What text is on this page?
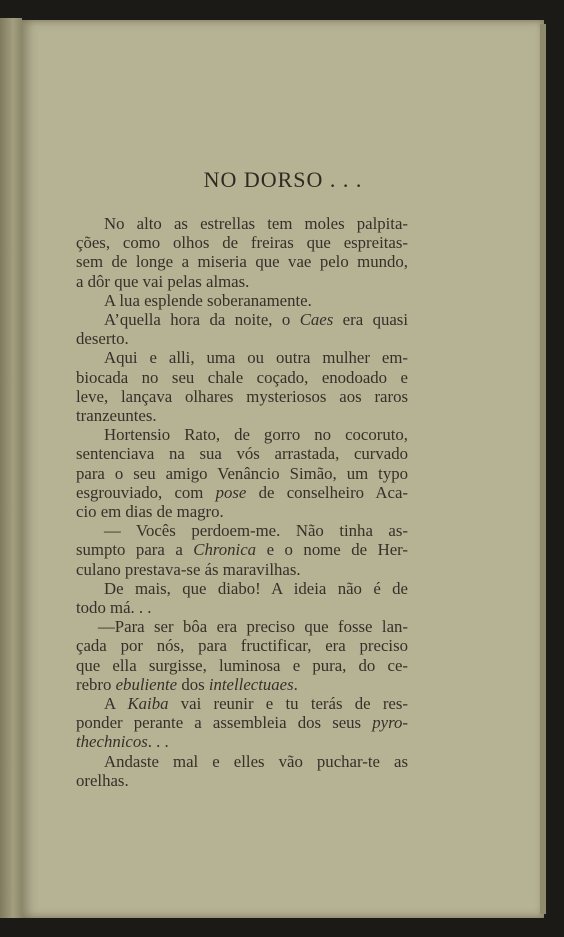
NO DORSO . . .
No alto as estrellas tem moles palpita-
ções, como olhos de freiras que espreitas-
sem de longe a miseria que vae pelo mundo,
a dôr que vai pelas almas.
A lua esplende soberanamente.
A’quella hora da noite, o Caes era quasi
deserto.
Aqui e alli, uma ou outra mulher em-
biocada no seu chale coçado, enodoado e
leve, lançava olhares mysteriosos aos raros
tranzeuntes.
Hortensio Rato, de gorro no cocoruto,
sentenciava na sua vós arrastada, curvado
para o seu amigo Venâncio Simão, um typo
esgrouviado, com pose de conselheiro Aca-
cio em dias de magro.
— Vocês perdoem-me. Não tinha as-
sumpto para a Chronica e o nome de Her-
culano prestava-se ás maravilhas.
De mais, que diabo! A ideia não é de
todo má. . .
—Para ser bôa era preciso que fosse lan-
çada por nós, para fructificar, era preciso
que ella surgisse, luminosa e pura, do ce-
rebro ebuliente dos intellectuaes.
A Kaiba vai reunir e tu terás de res-
ponder perante a assembleia dos seus pyro-
thechnicos. . .
Andaste mal e elles vão puchar-te as
orelhas.
